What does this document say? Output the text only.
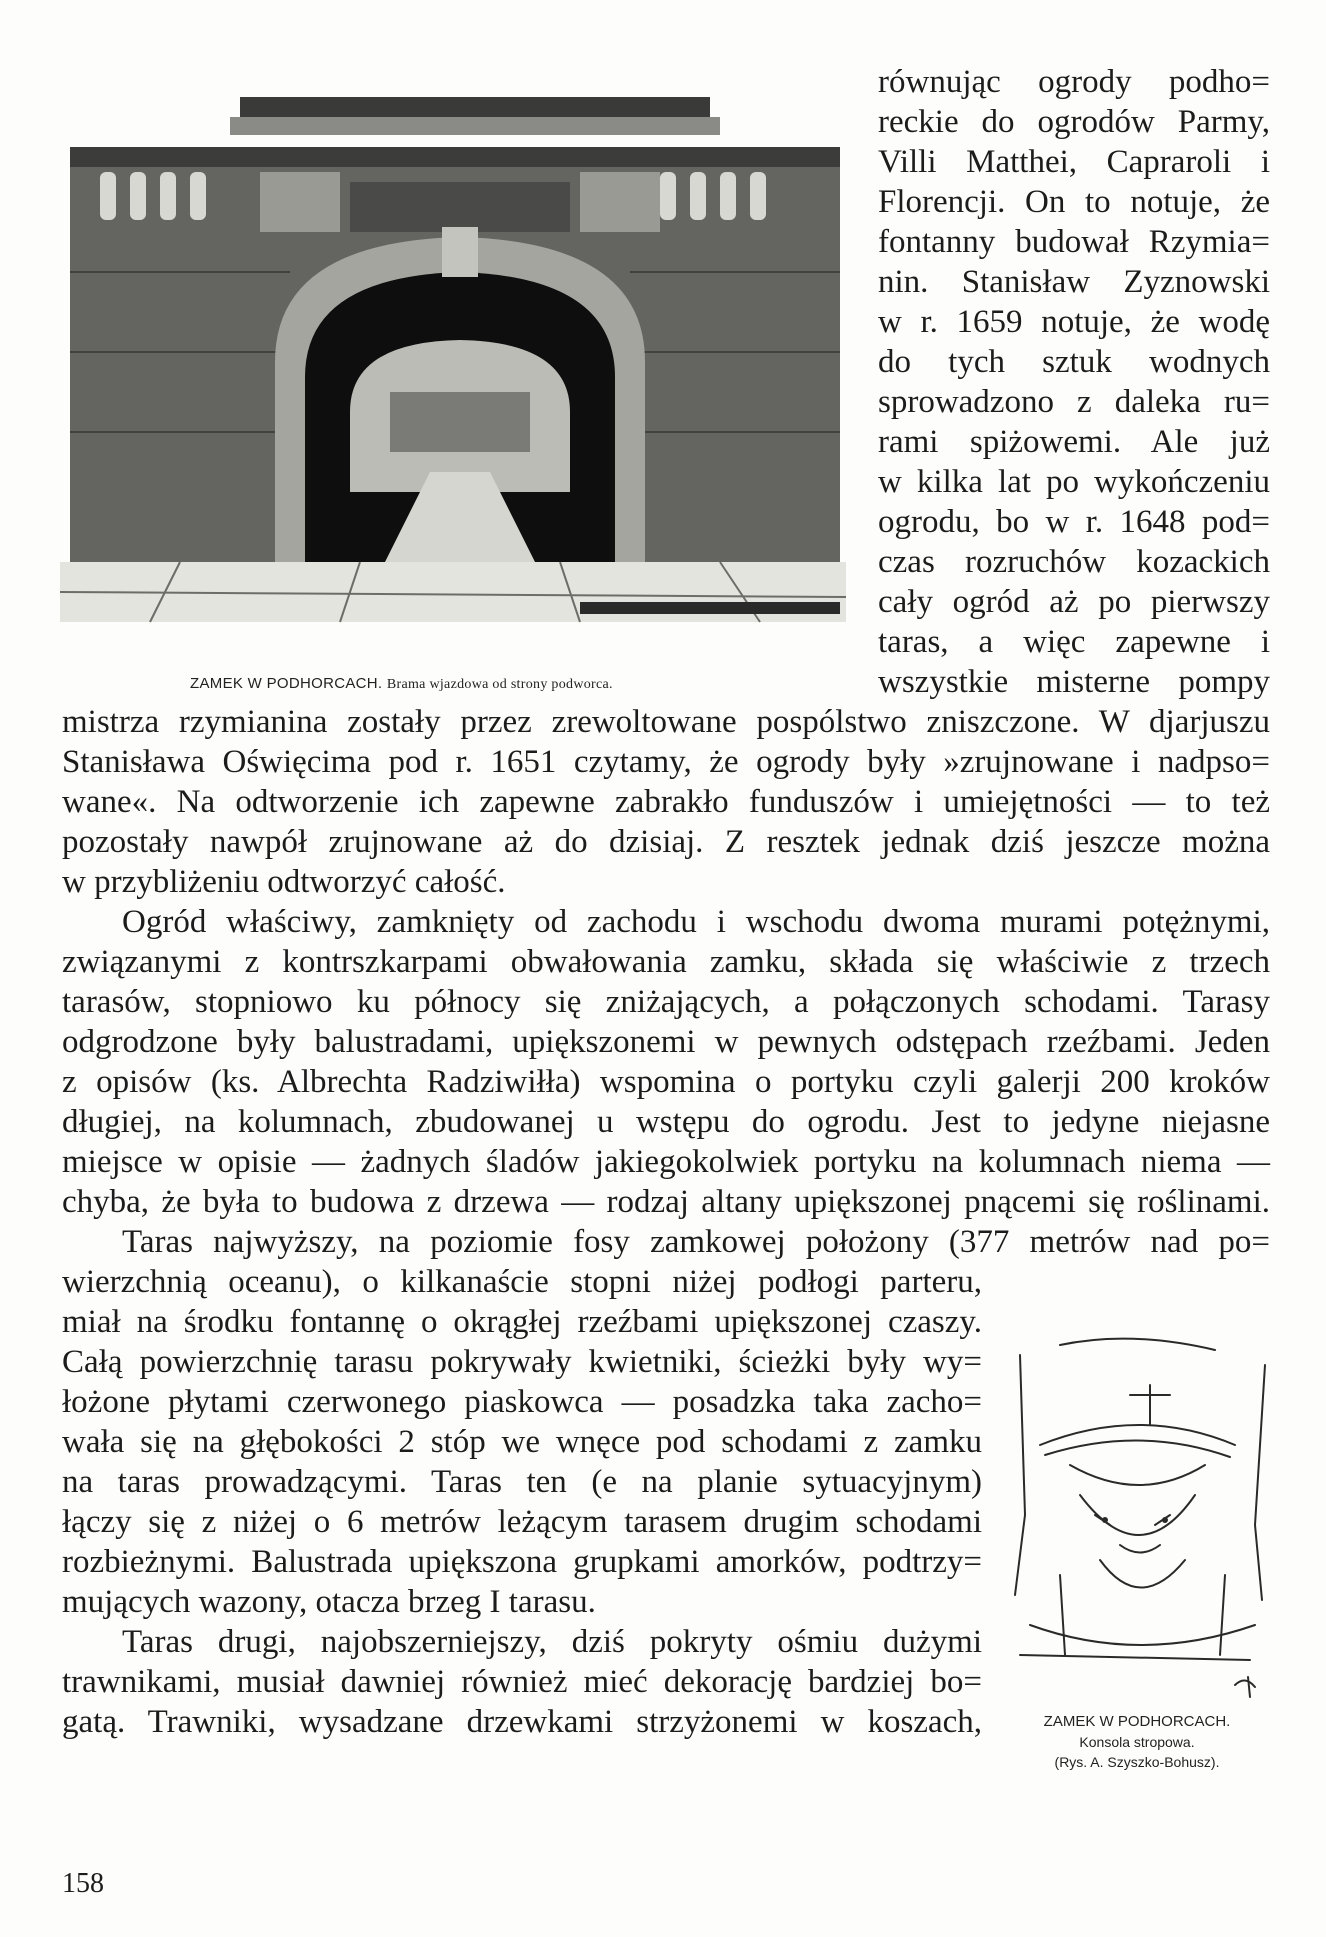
ZAMEK W PODHORCACH. Brama wjazdowa od strony podworca.
równując ogrody podho=
reckie do ogrodów Parmy,
Villi Matthei, Capraroli i
Florencji. On to notuje, że
fontanny budował Rzymia=
nin. Stanisław Zyznowski
w r. 1659 notuje, że wodę
do tych sztuk wodnych
sprowadzono z daleka ru=
rami spiżowemi. Ale już
w kilka lat po wykończeniu
ogrodu, bo w r. 1648 pod=
czas rozruchów kozackich
cały ogród aż po pierwszy
taras, a więc zapewne i
wszystkie misterne pompy
mistrza rzymianina zostały przez zrewoltowane pospólstwo zniszczone. W djarjuszu
Stanisława Oświęcima pod r. 1651 czytamy, że ogrody były »zrujnowane i nadpso=
wane«. Na odtworzenie ich zapewne zabrakło funduszów i umiejętności — to też
pozostały nawpół zrujnowane aż do dzisiaj. Z resztek jednak dziś jeszcze można
w przybliżeniu odtworzyć całość.
Ogród właściwy, zamknięty od zachodu i wschodu dwoma murami potężnymi,
związanymi z kontrszkarpami obwałowania zamku, składa się właściwie z trzech
tarasów, stopniowo ku północy się zniżających, a połączonych schodami. Tarasy
odgrodzone były balustradami, upiększonemi w pewnych odstępach rzeźbami. Jeden
z opisów (ks. Albrechta Radziwiłła) wspomina o portyku czyli galerji 200 kroków
długiej, na kolumnach, zbudowanej u wstępu do ogrodu. Jest to jedyne niejasne
miejsce w opisie — żadnych śladów jakiegokolwiek portyku na kolumnach niema —
chyba, że była to budowa z drzewa — rodzaj altany upiększonej pnącemi się roślinami.
Taras najwyższy, na poziomie fosy zamkowej położony (377 metrów nad po=
wierzchnią oceanu), o kilkanaście stopni niżej podłogi parteru,
miał na środku fontannę o okrągłej rzeźbami upiększonej czaszy.
Całą powierzchnię tarasu pokrywały kwietniki, ścieżki były wy=
łożone płytami czerwonego piaskowca — posadzka taka zacho=
wała się na głębokości 2 stóp we wnęce pod schodami z zamku
na taras prowadzącymi. Taras ten (e na planie sytuacyjnym)
łączy się z niżej o 6 metrów leżącym tarasem drugim schodami
rozbieżnymi. Balustrada upiększona grupkami amorków, podtrzy=
mujących wazony, otacza brzeg I tarasu.
Taras drugi, najobszerniejszy, dziś pokryty ośmiu dużymi
trawnikami, musiał dawniej również mieć dekorację bardziej bo=
gatą. Trawniki, wysadzane drzewkami strzyżonemi w koszach,	ZAMEK W PODHORCACH.
Konsola stropowa.
(Rys. A. Szyszko-Bohusz).
158
